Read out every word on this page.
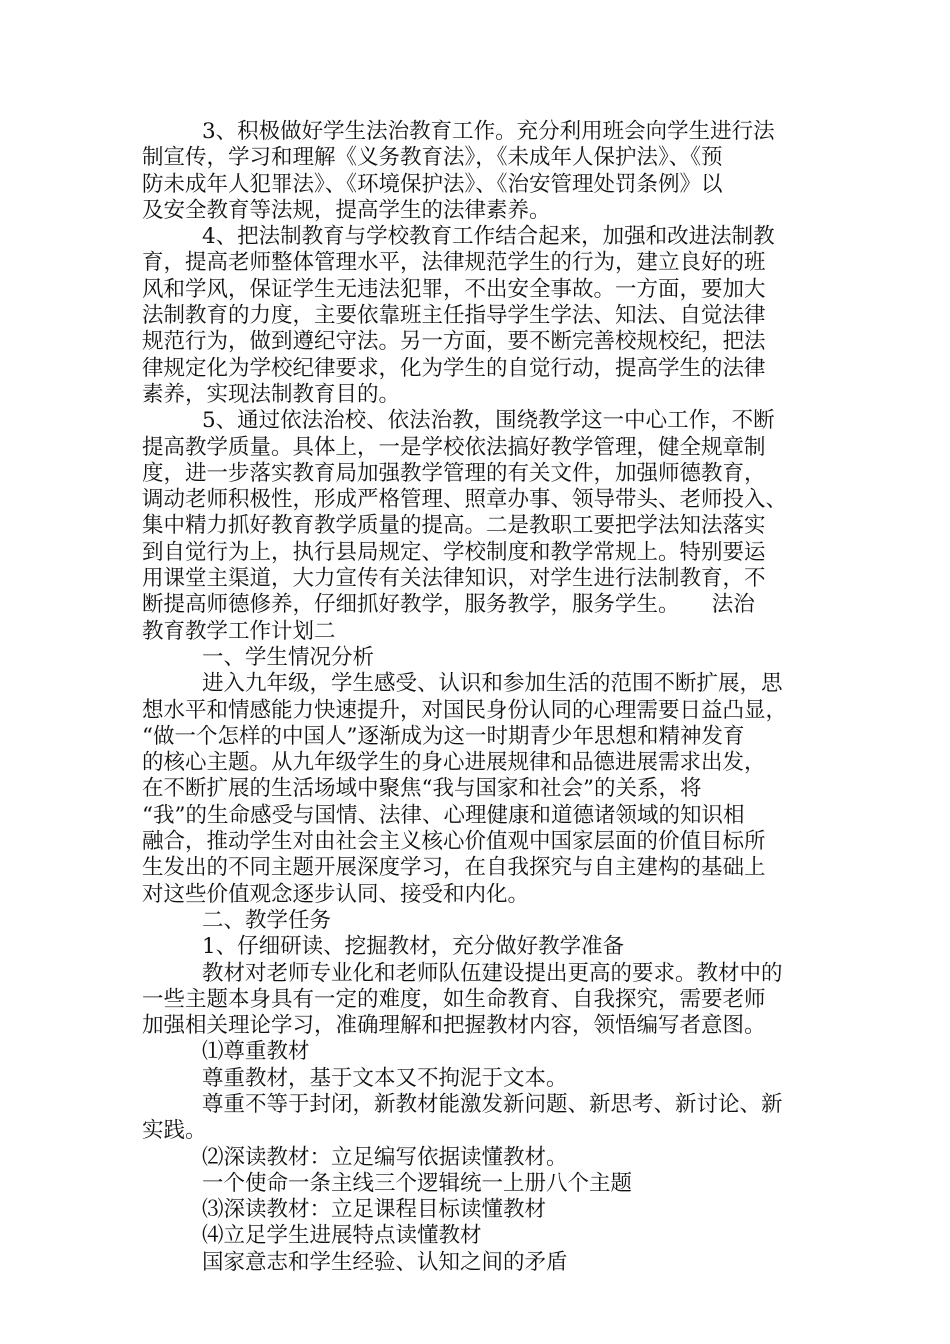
3、积极做好学生法治教育工作。充分利用班会向学生进行法
制宣传，学习和理解《义务教育法》，《未成年人保护法》、《预
防未成年人犯罪法》、《环境保护法》、《治安管理处罚条例》以
及安全教育等法规，提高学生的法律素养。
4、把法制教育与学校教育工作结合起来，加强和改进法制教
育，提高老师整体管理水平，法律规范学生的行为，建立良好的班
风和学风，保证学生无违法犯罪，不出安全事故。一方面，要加大
法制教育的力度，主要依靠班主任指导学生学法、知法、自觉法律
规范行为，做到遵纪守法。另一方面，要不断完善校规校纪，把法
律规定化为学校纪律要求，化为学生的自觉行动，提高学生的法律
素养，实现法制教育目的。
5、通过依法治校、依法治教，围绕教学这一中心工作，不断
提高教学质量。具体上，一是学校依法搞好教学管理，健全规章制
度，进一步落实教育局加强教学管理的有关文件，加强师德教育，
调动老师积极性，形成严格管理、照章办事、领导带头、老师投入、
集中精力抓好教育教学质量的提高。二是教职工要把学法知法落实
到自觉行为上，执行县局规定、学校制度和教学常规上。特别要运
用课堂主渠道，大力宣传有关法律知识，对学生进行法制教育，不
断提高师德修养，仔细抓好教学，服务教学，服务学生。　　法治
教育教学工作计划二
一、学生情况分析
进入九年级，学生感受、认识和参加生活的范围不断扩展，思
想水平和情感能力快速提升，对国民身份认同的心理需要日益凸显，
“做一个怎样的中国人”逐渐成为这一时期青少年思想和精神发育
的核心主题。从九年级学生的身心进展规律和品德进展需求出发，
在不断扩展的生活场域中聚焦“我与国家和社会”的关系，将
“我”的生命感受与国情、法律、心理健康和道德诸领域的知识相
融合，推动学生对由社会主义核心价值观中国家层面的价值目标所
生发出的不同主题开展深度学习，在自我探究与自主建构的基础上
对这些价值观念逐步认同、接受和内化。
二、教学任务
1、仔细研读、挖掘教材，充分做好教学准备
教材对老师专业化和老师队伍建设提出更高的要求。教材中的
一些主题本身具有一定的难度，如生命教育、自我探究，需要老师
加强相关理论学习，准确理解和把握教材内容，领悟编写者意图。
⑴尊重教材
尊重教材，基于文本又不拘泥于文本。
尊重不等于封闭，新教材能激发新问题、新思考、新讨论、新
实践。
⑵深读教材：立足编写依据读懂教材。
一个使命一条主线三个逻辑统一上册八个主题
⑶深读教材：立足课程目标读懂教材
⑷立足学生进展特点读懂教材
国家意志和学生经验、认知之间的矛盾
